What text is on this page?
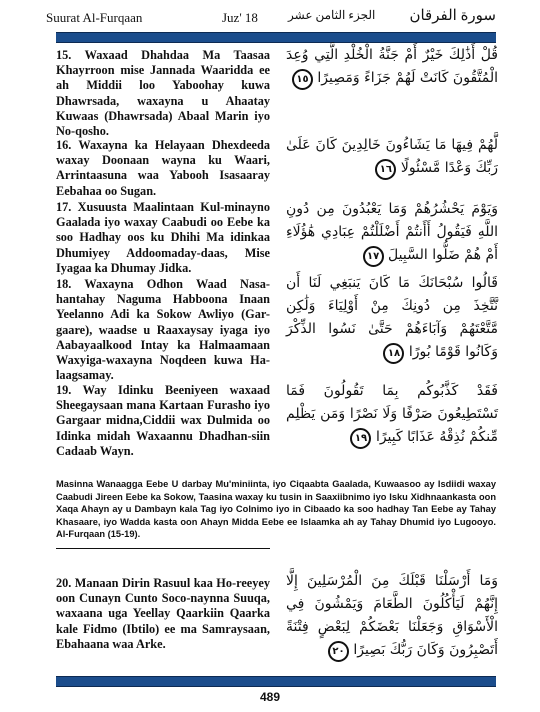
Suurat Al-Furqaan	Juz' 18	الجزء الثامن عشر سورة الفرقان
15. Waxaad Dhahdaa Ma Taasaa Khayrroon mise Jannada Waaridda ee ah Middii loo Yaboohay kuwa Dhawrsada, waxayna u Ahaatay Kuwaas (Dhawrsada) Abaal Marin iyo No-qosho.
16. Waxayna ka Helayaan Dhexdeeda waxay Doonaan wayna ku Waari, Arrintaasuna waa Yabooh Isasaaray Eebahaa oo Sugan.
17. Xusuusta Maalintaan Kul-minayno Gaalada iyo waxay Caabudi oo Eebe ka soo Hadhay oos ku Dhihi Ma idinkaa Dhumiyey Addoomaday-daas, Mise Iyagaa ka Dhumay Jidka.
18. Waxayna Odhon Waad Nasa-hantahay Naguma Habboona Inaan Yeelanno Adi ka Sokow Awliyo (Gar-gaare), waadse u Raaxaysay iyaga iyo Aabayaalkood Intay ka Halmaamaan Waxyiga-waxayna Noqdeen kuwa Ha-laagsamay.
19. Way Idinku Beeniyeen waxaad Sheegaysaan mana Kartaan Furasho iyo Gargaar midna,Ciddii wax Dulmida oo Idinka midah Waxaannu Dhadhan-siin Cadaab Wayn.
قُلْ أَذَٰلِكَ خَيْرٌ أَمْ جَنَّةُ الْخُلْدِ الَّتِي وُعِدَ الْمُتَّقُونَ كَانَتْ لَهُمْ جَزَاءً وَمَصِيرًا ١٥
لَّهُمْ فِيهَا مَا يَشَاءُونَ خَالِدِينَ كَانَ عَلَىٰ رَبِّكَ وَعْدًا مَّسْئُولًا ١٦
وَيَوْمَ يَحْشُرُهُمْ وَمَا يَعْبُدُونَ مِن دُونِ اللَّهِ فَيَقُولُ أَأَنتُمْ أَضْلَلْتُمْ عِبَادِي هَٰؤُلَاءِ أَمْ هُمْ ضَلُّوا السَّبِيلَ ١٧
قَالُوا سُبْحَانَكَ مَا كَانَ يَنبَغِي لَنَا أَن نَّتَّخِذَ مِن دُونِكَ مِنْ أَوْلِيَاءَ وَلَٰكِن مَّتَّعْتَهُمْ وَآبَاءَهُمْ حَتَّىٰ نَسُوا الذِّكْرَ وَكَانُوا قَوْمًا بُورًا ١٨
فَقَدْ كَذَّبُوكُم بِمَا تَقُولُونَ فَمَا تَسْتَطِيعُونَ صَرْفًا وَلَا نَصْرًا وَمَن يَظْلِم مِّنكُمْ نُذِقْهُ عَذَابًا كَبِيرًا ١٩
Masinna Wanaagga Eebe U darbay Mu'miniinta, iyo Ciqaabta Gaalada, Kuwaasoo ay Isdiidi waxay Caabudi Jireen Eebe ka Sokow, Taasina waxay ku tusin in Saaxiibnimo iyo Isku Xidhnaankasta oon Xaqa Ahayn ay u Dambayn kala Tag iyo Colnimo iyo in Cibaado ka soo hadhay Tan Eebe ay Tahay Khasaare, iyo Wadda kasta oon Ahayn Midda Eebe ee Islaamka ah ay Tahay Dhumid iyo Lugooyo. Al-Furqaan (15-19).
20. Manaan Dirin Rasuul kaa Ho-reeyey oon Cunayn Cunto Soco-naynna Suuqa, waxaana uga Yeellay Qaarkiin Qaarka kale Fidmo (Ibtilo) ee ma Samraysaan, Ebahaana waa Arke.
وَمَا أَرْسَلْنَا قَبْلَكَ مِنَ الْمُرْسَلِينَ إِلَّا إِنَّهُمْ لَيَأْكُلُونَ الطَّعَامَ وَيَمْشُونَ فِي الْأَسْوَاقِ وَجَعَلْنَا بَعْضَكُمْ لِبَعْضٍ فِتْنَةً أَتَصْبِرُونَ وَكَانَ رَبُّكَ بَصِيرًا ٢٠
489
